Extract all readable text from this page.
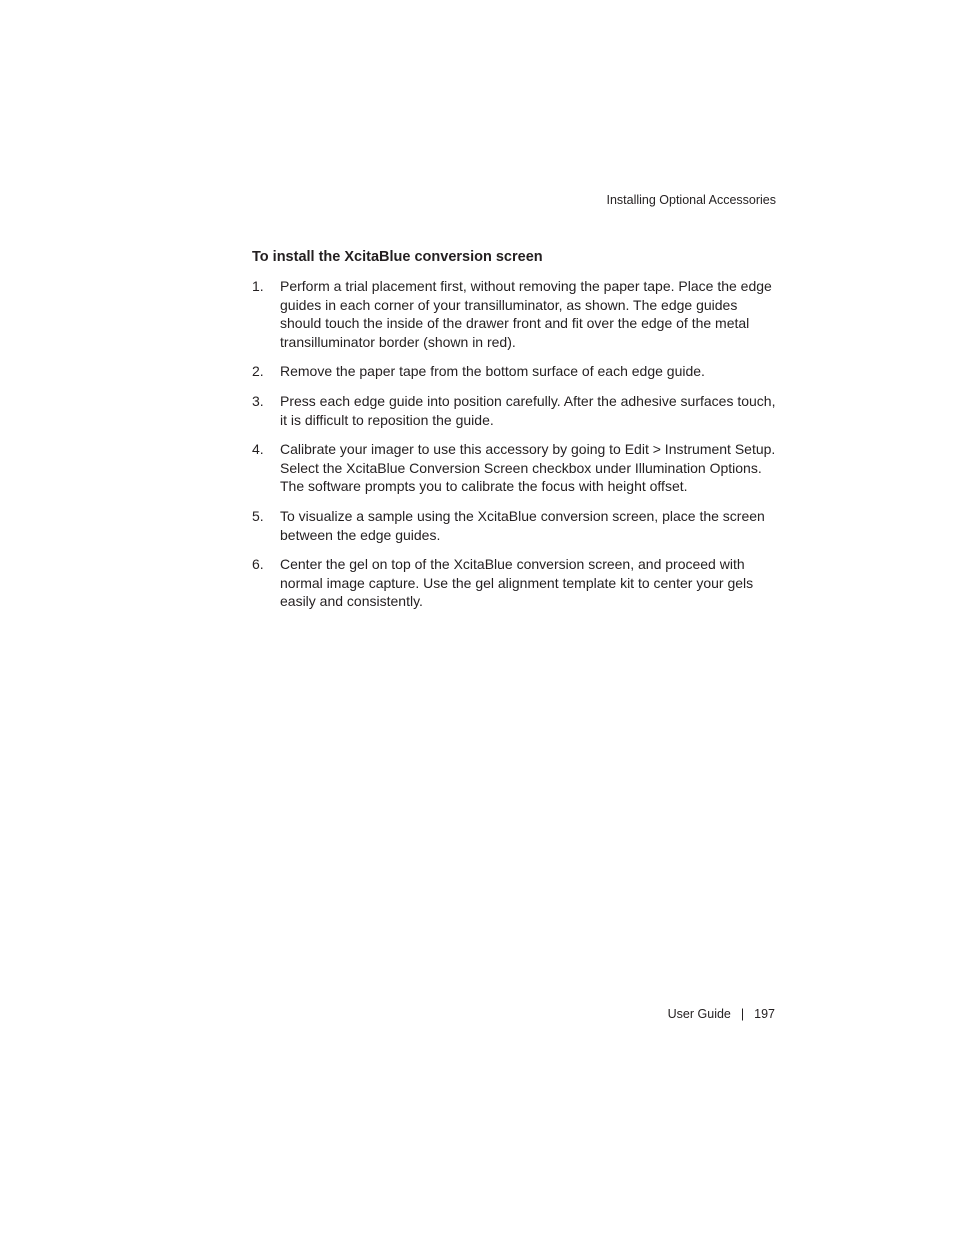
Installing Optional Accessories
To install the XcitaBlue conversion screen
1. Perform a trial placement first, without removing the paper tape. Place the edge guides in each corner of your transilluminator, as shown. The edge guides should touch the inside of the drawer front and fit over the edge of the metal transilluminator border (shown in red).
2. Remove the paper tape from the bottom surface of each edge guide.
3. Press each edge guide into position carefully. After the adhesive surfaces touch, it is difficult to reposition the guide.
4. Calibrate your imager to use this accessory by going to Edit > Instrument Setup. Select the XcitaBlue Conversion Screen checkbox under Illumination Options. The software prompts you to calibrate the focus with height offset.
5. To visualize a sample using the XcitaBlue conversion screen, place the screen between the edge guides.
6. Center the gel on top of the XcitaBlue conversion screen, and proceed with normal image capture. Use the gel alignment template kit to center your gels easily and consistently.
User Guide | 197
